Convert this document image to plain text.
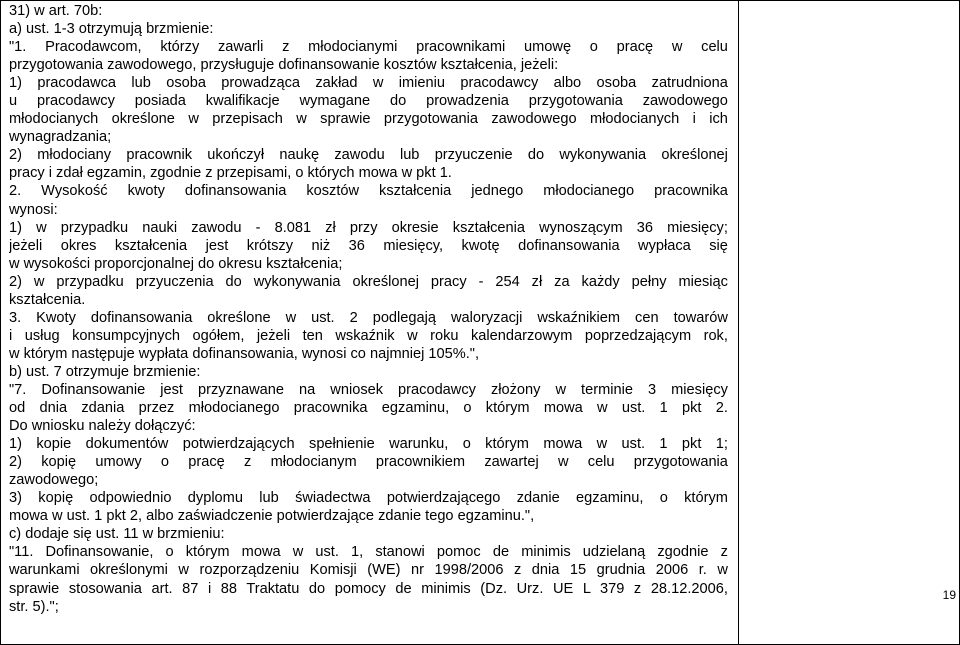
31) w art. 70b:
a) ust. 1-3 otrzymują brzmienie:
"1. Pracodawcom, którzy zawarli z młodocianymi pracownikami umowę o pracę w celu
przygotowania zawodowego, przysługuje dofinansowanie kosztów kształcenia, jeżeli:
1) pracodawca lub osoba prowadząca zakład w imieniu pracodawcy albo osoba zatrudniona
u pracodawcy posiada kwalifikacje wymagane do prowadzenia przygotowania zawodowego
młodocianych określone w przepisach w sprawie przygotowania zawodowego młodocianych i ich
wynagradzania;
2) młodociany pracownik ukończył naukę zawodu lub przyuczenie do wykonywania określonej
pracy i zdał egzamin, zgodnie z przepisami, o których mowa w pkt 1.
2. Wysokość kwoty dofinansowania kosztów kształcenia jednego młodocianego pracownika
wynosi:
1) w przypadku nauki zawodu - 8.081 zł przy okresie kształcenia wynoszącym 36 miesięcy;
jeżeli okres kształcenia jest krótszy niż 36 miesięcy, kwotę dofinansowania wypłaca się
w wysokości proporcjonalnej do okresu kształcenia;
2) w przypadku przyuczenia do wykonywania określonej pracy - 254 zł za każdy pełny miesiąc
kształcenia.
3. Kwoty dofinansowania określone w ust. 2 podlegają waloryzacji wskaźnikiem cen towarów
i usług konsumpcyjnych ogółem, jeżeli ten wskaźnik w roku kalendarzowym poprzedzającym rok,
w którym następuje wypłata dofinansowania, wynosi co najmniej 105%.",
b) ust. 7 otrzymuje brzmienie:
"7. Dofinansowanie jest przyznawane na wniosek pracodawcy złożony w terminie 3 miesięcy
od dnia zdania przez młodocianego pracownika egzaminu, o którym mowa w ust. 1 pkt 2.
Do wniosku należy dołączyć:
1) kopie dokumentów potwierdzających spełnienie warunku, o którym mowa w ust. 1 pkt 1;
2) kopię umowy o pracę z młodocianym pracownikiem zawartej w celu przygotowania
zawodowego;
3) kopię odpowiednio dyplomu lub świadectwa potwierdzającego zdanie egzaminu, o którym
mowa w ust. 1 pkt 2, albo zaświadczenie potwierdzające zdanie tego egzaminu.",
c) dodaje się ust. 11 w brzmieniu:
"11. Dofinansowanie, o którym mowa w ust. 1, stanowi pomoc de minimis udzielaną zgodnie z
warunkami określonymi w rozporządzeniu Komisji (WE) nr 1998/2006 z dnia 15 grudnia 2006 r. w
sprawie stosowania art. 87 i 88 Traktatu do pomocy de minimis (Dz. Urz. UE L 379 z 28.12.2006,
str. 5).";

19
